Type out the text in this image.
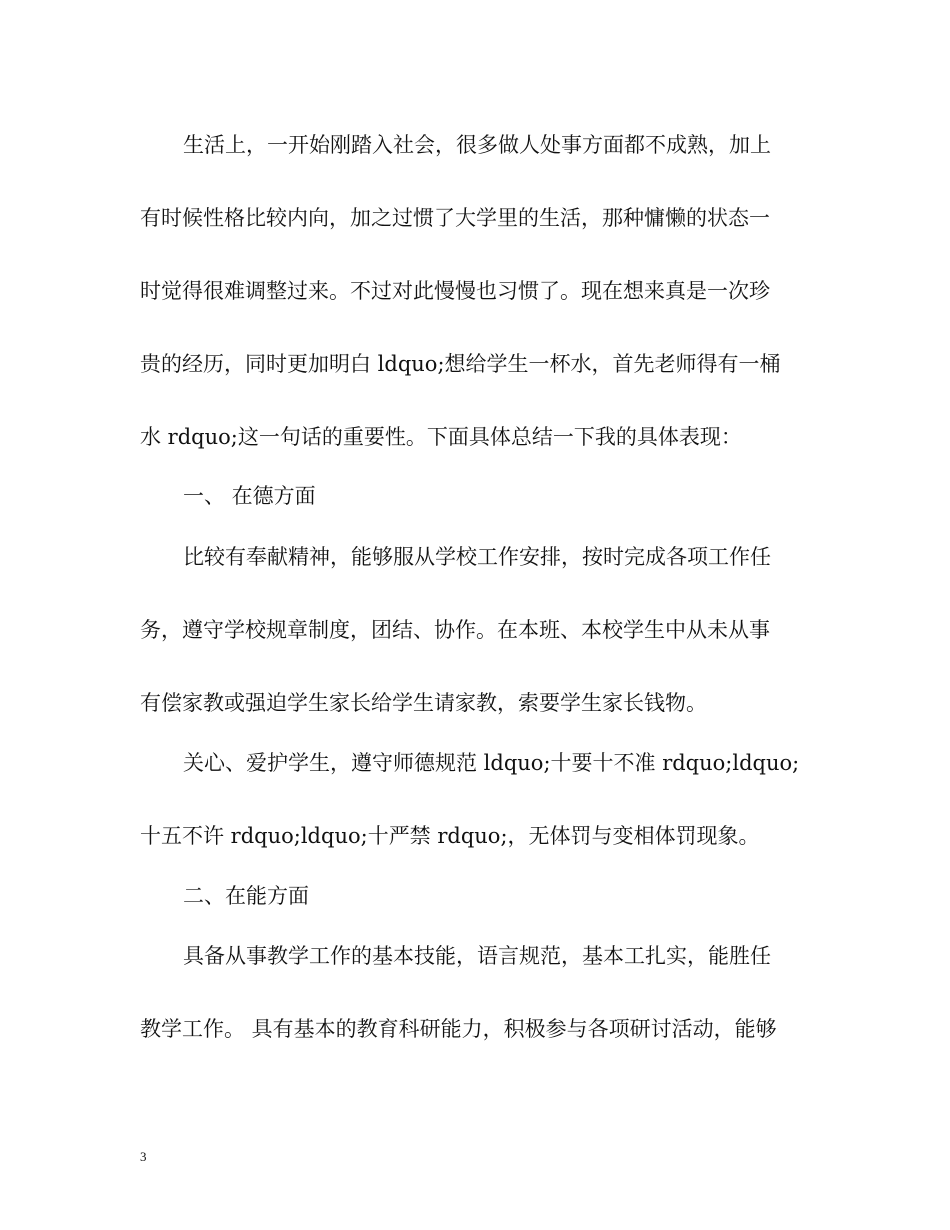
生活上，一开始刚踏入社会，很多做人处事方面都不成熟，加上
有时候性格比较内向，加之过惯了大学里的生活，那种慵懒的状态一
时觉得很难调整过来。不过对此慢慢也习惯了。现在想来真是一次珍
贵的经历，同时更加明白 ldquo;想给学生一杯水，首先老师得有一桶
水 rdquo;这一句话的重要性。下面具体总结一下我的具体表现：
一、 在德方面
比较有奉献精神，能够服从学校工作安排，按时完成各项工作任
务，遵守学校规章制度，团结、协作。在本班、本校学生中从未从事
有偿家教或强迫学生家长给学生请家教，索要学生家长钱物。
关心、爱护学生，遵守师德规范 ldquo;十要十不准 rdquo;ldquo;
十五不许 rdquo;ldquo;十严禁 rdquo;，无体罚与变相体罚现象。
二、在能方面
具备从事教学工作的基本技能，语言规范，基本工扎实，能胜任
教学工作。 具有基本的教育科研能力，积极参与各项研讨活动，能够
3
